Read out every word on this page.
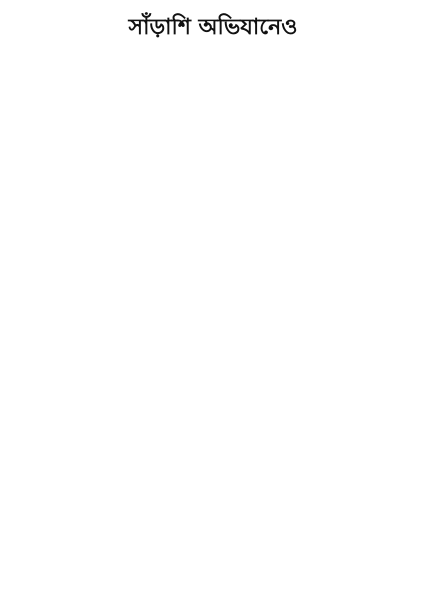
সাঁড়াশি অভিযানেও
